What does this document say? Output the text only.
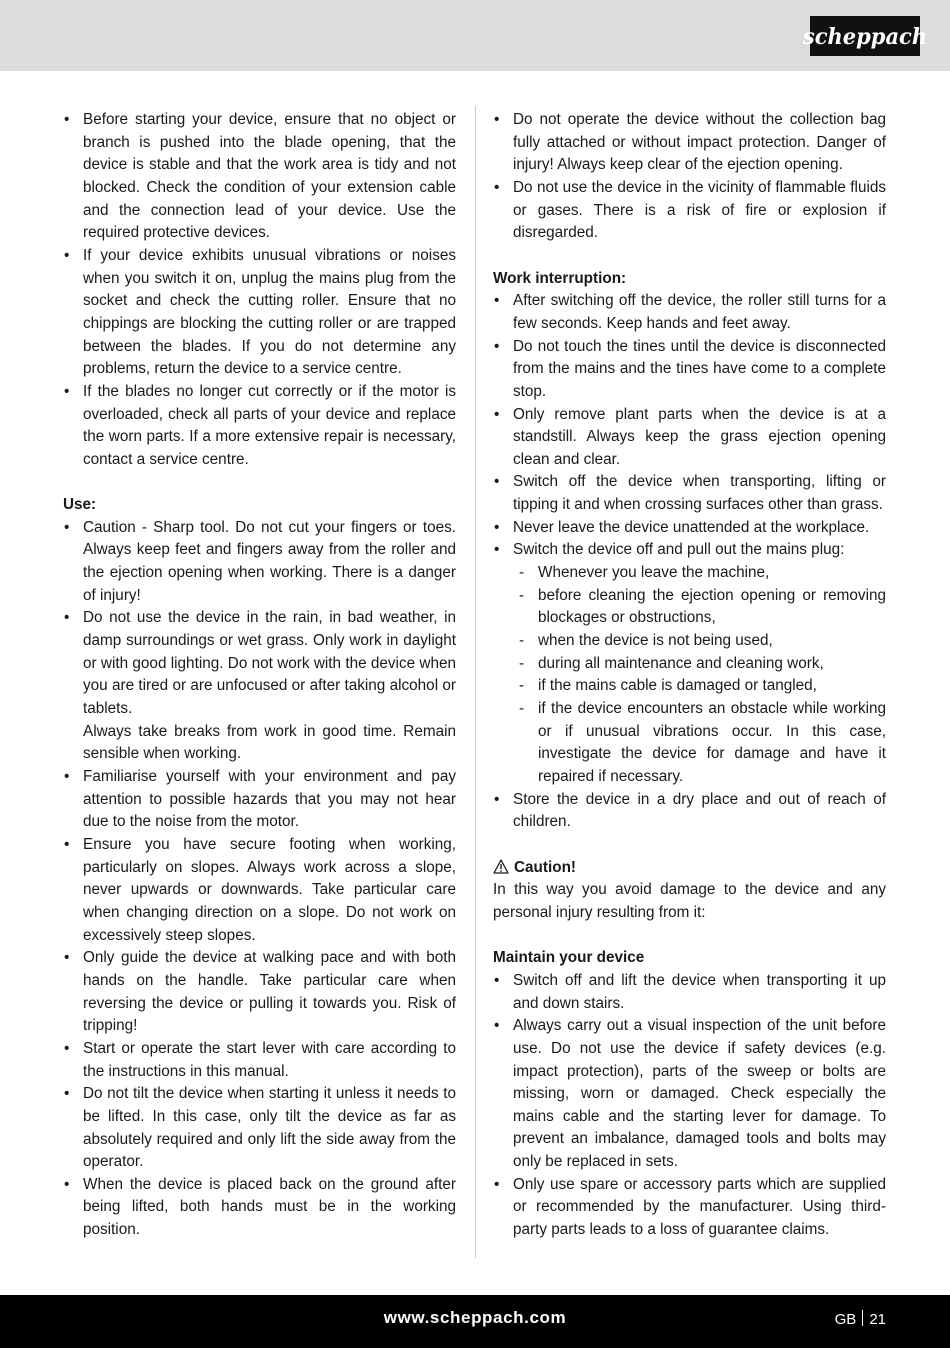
scheppach
• Before starting your device, ensure that no object or branch is pushed into the blade opening, that the device is stable and that the work area is tidy and not blocked. Check the condition of your extension cable and the connection lead of your device. Use the required protective devices.
• If your device exhibits unusual vibrations or noises when you switch it on, unplug the mains plug from the socket and check the cutting roller. Ensure that no chippings are blocking the cutting roller or are trapped between the blades. If you do not determine any problems, return the device to a service centre.
• If the blades no longer cut correctly or if the motor is overloaded, check all parts of your device and replace the worn parts. If a more extensive repair is necessary, contact a service centre.

Use:

• Caution - Sharp tool. Do not cut your fingers or toes. Always keep feet and fingers away from the roller and the ejection opening when working. There is a danger of injury!
• Do not use the device in the rain, in bad weather, in damp surroundings or wet grass. Only work in daylight or with good lighting. Do not work with the device when you are tired or are unfocused or after taking alcohol or tablets.

Always take breaks from work in good time. Remain sensible when working.

• Familiarise yourself with your environment and pay attention to possible hazards that you may not hear due to the noise from the motor.
• Ensure you have secure footing when working, particularly on slopes. Always work across a slope, never upwards or downwards. Take particular care when changing direction on a slope. Do not work on excessively steep slopes.
• Only guide the device at walking pace and with both hands on the handle. Take particular care when reversing the device or pulling it towards you. Risk of tripping!
• Start or operate the start lever with care according to the instructions in this manual.
• Do not tilt the device when starting it unless it needs to be lifted. In this case, only tilt the device as far as absolutely required and only lift the side away from the operator.
• When the device is placed back on the ground after being lifted, both hands must be in the working position.
• Do not operate the device without the collection bag fully attached or without impact protection. Danger of injury! Always keep clear of the ejection opening.
• Do not use the device in the vicinity of flammable fluids or gases. There is a risk of fire or explosion if disregarded.

Work interruption:

• After switching off the device, the roller still turns for a few seconds. Keep hands and feet away.
• Do not touch the tines until the device is disconnected from the mains and the tines have come to a complete stop.
• Only remove plant parts when the device is at a standstill. Always keep the grass ejection opening clean and clear.
• Switch off the device when transporting, lifting or tipping it and when crossing surfaces other than grass.
• Never leave the device unattended at the workplace.
• Switch the device off and pull out the mains plug:
- Whenever you leave the machine,
- before cleaning the ejection opening or removing blockages or obstructions,
- when the device is not being used,
- during all maintenance and cleaning work,
- if the mains cable is damaged or tangled,
- if the device encounters an obstacle while working or if unusual vibrations occur. In this case, investigate the device for damage and have it repaired if necessary.
• Store the device in a dry place and out of reach of children.

Caution!

In this way you avoid damage to the device and any personal injury resulting from it:

Maintain your device

• Switch off and lift the device when transporting it up and down stairs.
• Always carry out a visual inspection of the unit before use. Do not use the device if safety devices (e.g. impact protection), parts of the sweep or bolts are missing, worn or damaged. Check especially the mains cable and the starting lever for damage. To prevent an imbalance, damaged tools and bolts may only be replaced in sets.
• Only use spare or accessory parts which are supplied or recommended by the manufacturer. Using third-party parts leads to a loss of guarantee claims.
www.scheppach.com	GB 21
